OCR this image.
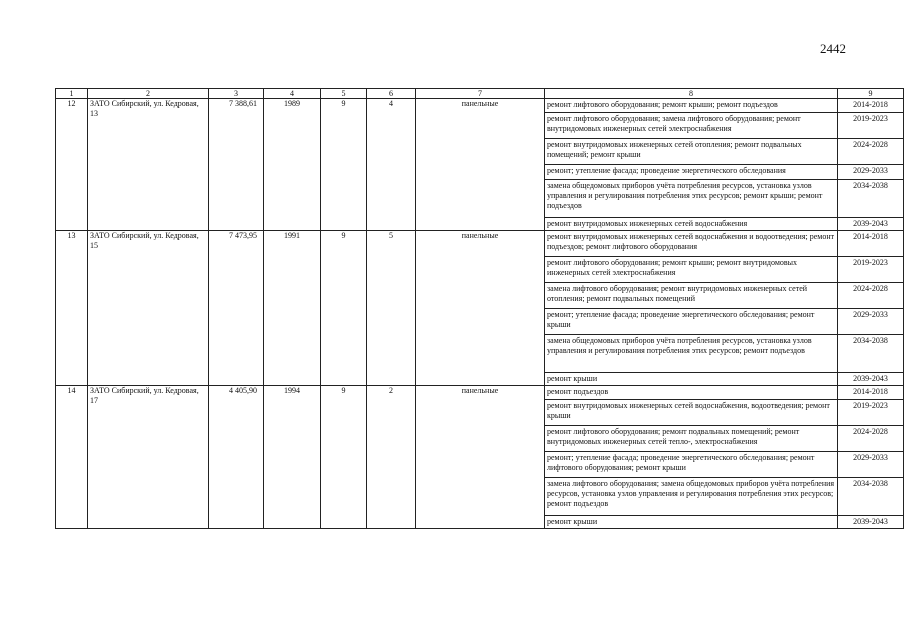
2442
1	2	3	4	5	6	7	8	9
12	ЗАТО Сибирский, ул. Кедровая, 13	7 388,61	1989	9	4	панельные	ремонт лифтового оборудования; ремонт крыши; ремонт подъездов	2014-2018
							ремонт лифтового оборудования; замена лифтового оборудования; ремонт внутридомовых инженерных сетей электроснабжения	2019-2023
							ремонт внутридомовых инженерных сетей отопления; ремонт подвальных помещений; ремонт крыши	2024-2028
							ремонт; утепление фасада; проведение энергетического обследования	2029-2033
							замена общедомовых приборов учёта потребления ресурсов, установка узлов управления и регулирования потребления этих ресурсов; ремонт крыши; ремонт подъездов	2034-2038
							ремонт внутридомовых инженерных сетей водоснабжения	2039-2043
13	ЗАТО Сибирский, ул. Кедровая, 15	7 473,95	1991	9	5	панельные	ремонт внутридомовых инженерных сетей водоснабжения и водоотведения; ремонт подъездов; ремонт лифтового оборудования	2014-2018
							ремонт лифтового оборудования; ремонт крыши; ремонт внутридомовых инженерных сетей электроснабжения	2019-2023
							замена лифтового оборудования; ремонт внутридомовых инженерных сетей отопления; ремонт подвальных помещений	2024-2028
							ремонт; утепление фасада; проведение энергетического обследования; ремонт крыши	2029-2033
							замена общедомовых приборов учёта потребления ресурсов, установка узлов управления и регулирования потребления этих ресурсов; ремонт подъездов	2034-2038
							ремонт крыши	2039-2043
14	ЗАТО Сибирский, ул. Кедровая, 17	4 405,90	1994	9	2	панельные	ремонт подъездов	2014-2018
							ремонт внутридомовых инженерных сетей водоснабжения, водоотведения; ремонт крыши	2019-2023
							ремонт лифтового оборудования; ремонт подвальных помещений; ремонт внутридомовых инженерных сетей тепло-, электроснабжения	2024-2028
							ремонт; утепление фасада; проведение энергетического обследования; ремонт лифтового оборудования; ремонт крыши	2029-2033
							замена лифтового оборудования; замена общедомовых приборов учёта потребления ресурсов, установка узлов управления и регулирования потребления этих ресурсов; ремонт подъездов	2034-2038
							ремонт крыши	2039-2043
